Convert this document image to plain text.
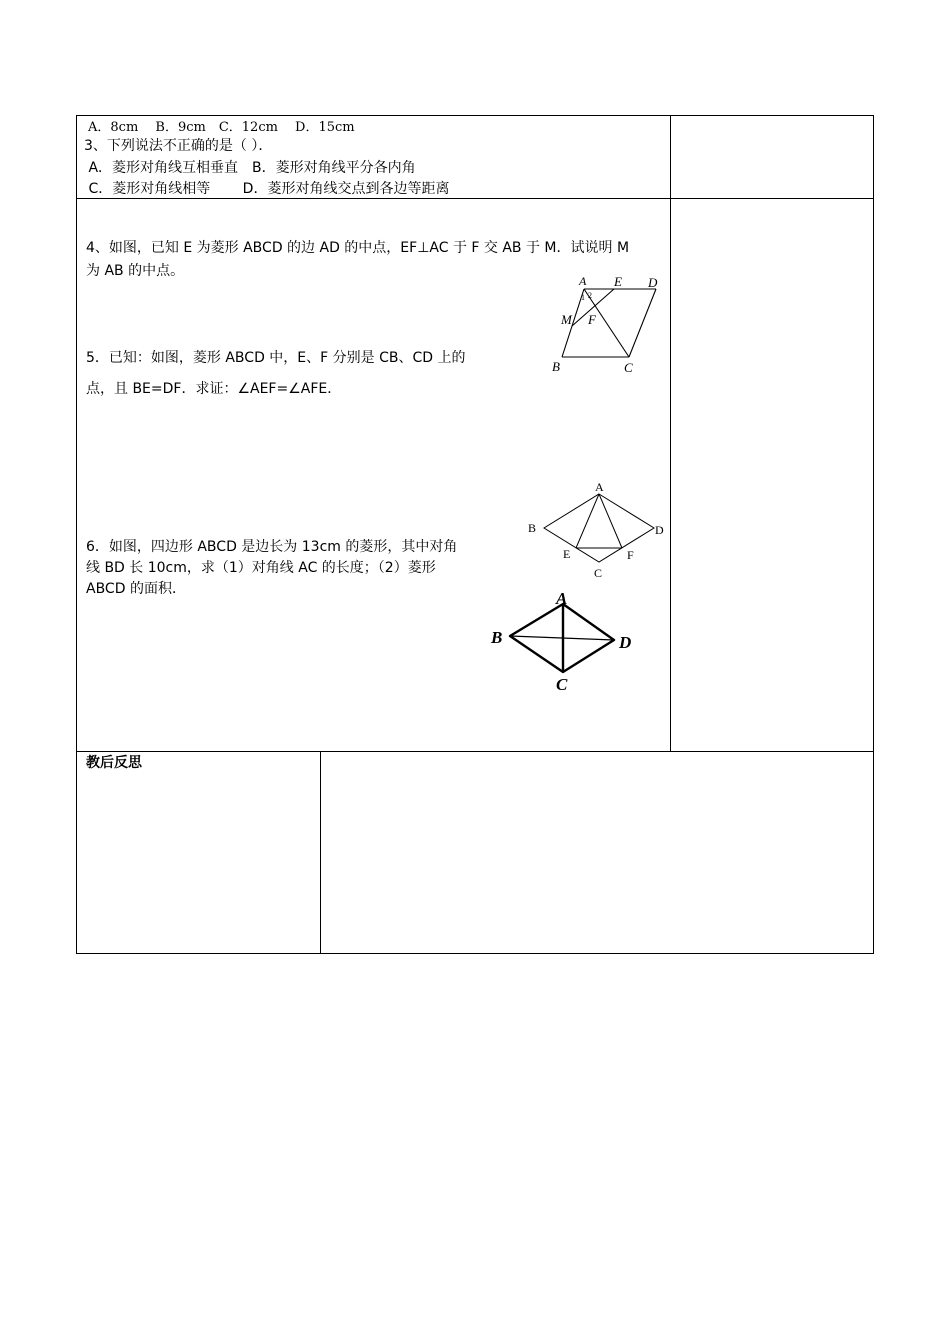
A．8cm　 B．9cm　C．12cm　 D．15cm
3、下列说法不正确的是（ ）．
A．菱形对角线互相垂直　B．菱形对角线平分各内角
C．菱形对角线相等　　 D．菱形对角线交点到各边等距离
4、如图，已知 E 为菱形 ABCD 的边 AD 的中点，EF⊥AC 于 F 交 AB 于 M．试说明 M
为 AB 的中点。
5．已知：如图，菱形 ABCD 中，E、F 分别是 CB、CD 上的
点，且 BE=DF．求证：∠AEF=∠AFE．
6．如图，四边形 ABCD 是边长为 13cm 的菱形，其中对角
线 BD 长 10cm，求（1）对角线 AC 的长度；（2）菱形
ABCD 的面积．
A E D
1 2
M F
B	C
A
B	D
E	F
C
A
B	D
C
教后反思
